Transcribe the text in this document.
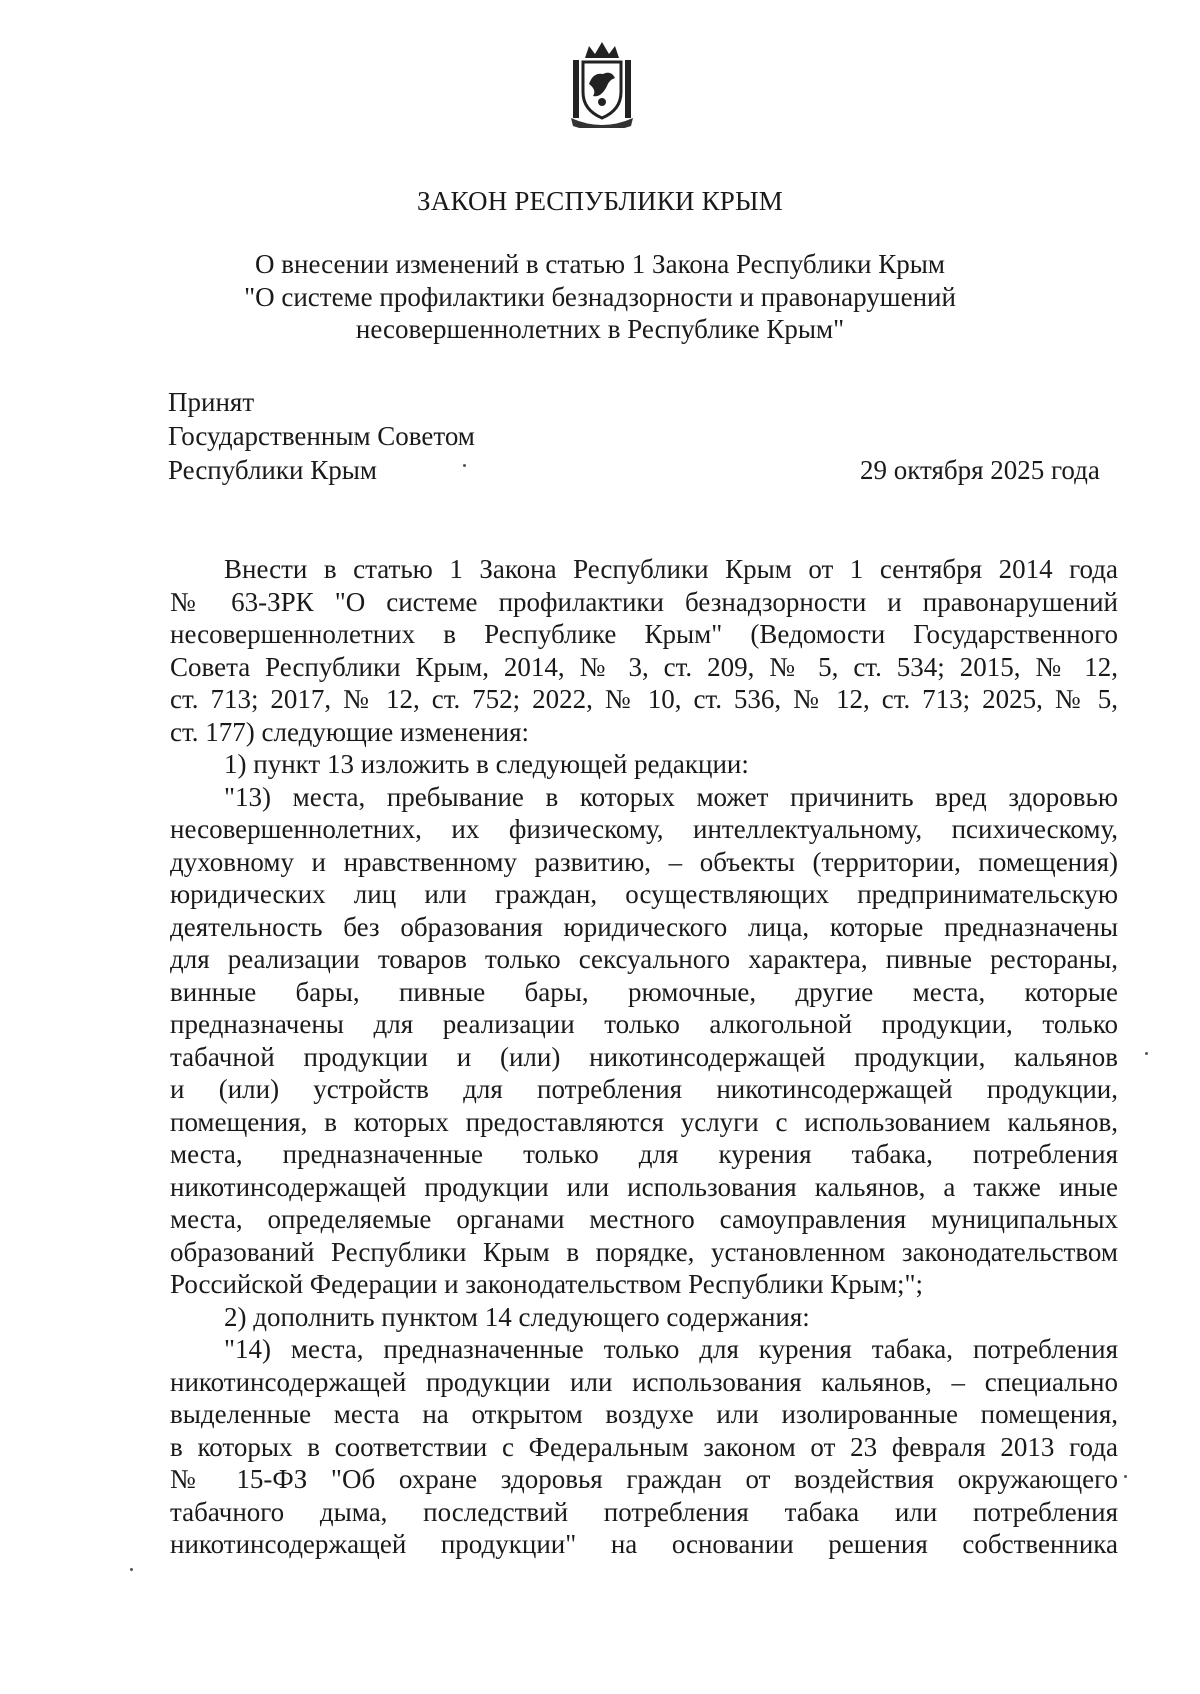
ЗАКОН РЕСПУБЛИКИ КРЫМ
О внесении изменений в статью 1 Закона Республики Крым
"О системе профилактики безнадзорности и правонарушений
несовершеннолетних в Республике Крым"
Принят
Государственным Советом
Республики Крым	29 октября 2025 года
Внести в статью 1 Закона Республики Крым от 1 сентября 2014 года
№ 63-ЗРК "О системе профилактики безнадзорности и правонарушений
несовершеннолетних в Республике Крым" (Ведомости Государственного
Совета Республики Крым, 2014, № 3, ст. 209, № 5, ст. 534; 2015, № 12,
ст. 713; 2017, № 12, ст. 752; 2022, № 10, ст. 536, № 12, ст. 713; 2025, № 5,
ст. 177) следующие изменения:
1) пункт 13 изложить в следующей редакции:
"13) места, пребывание в которых может причинить вред здоровью
несовершеннолетних, их физическому, интеллектуальному, психическому,
духовному и нравственному развитию, – объекты (территории, помещения)
юридических лиц или граждан, осуществляющих предпринимательскую
деятельность без образования юридического лица, которые предназначены
для реализации товаров только сексуального характера, пивные рестораны,
винные бары, пивные бары, рюмочные, другие места, которые
предназначены для реализации только алкогольной продукции, только
табачной продукции и (или) никотинсодержащей продукции, кальянов
и (или) устройств для потребления никотинсодержащей продукции,
помещения, в которых предоставляются услуги с использованием кальянов,
места, предназначенные только для курения табака, потребления
никотинсодержащей продукции или использования кальянов, а также иные
места, определяемые органами местного самоуправления муниципальных
образований Республики Крым в порядке, установленном законодательством
Российской Федерации и законодательством Республики Крым;";
2) дополнить пунктом 14 следующего содержания:
"14) места, предназначенные только для курения табака, потребления
никотинсодержащей продукции или использования кальянов, – специально
выделенные места на открытом воздухе или изолированные помещения,
в которых в соответствии с Федеральным законом от 23 февраля 2013 года
№ 15-ФЗ "Об охране здоровья граждан от воздействия окружающего
табачного дыма, последствий потребления табака или потребления
никотинсодержащей продукции" на основании решения собственника
